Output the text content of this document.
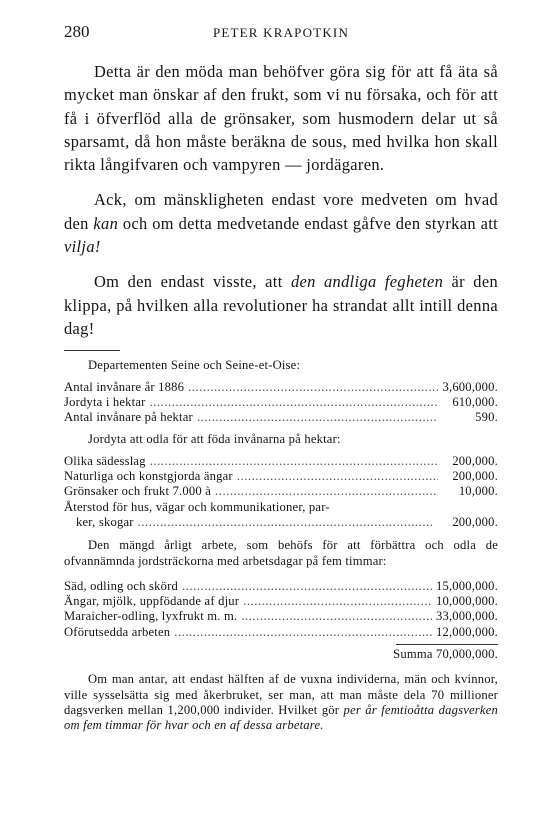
280	PETER KRAPOTKIN

Detta är den möda man behöfver göra sig för att få äta så mycket man önskar af den frukt, som vi nu försaka, och för att få i öfverflöd alla de grönsaker, som husmodern delar ut så sparsamt, då hon måste beräkna de sous, med hvilka hon skall rikta långifvaren och vampyren — jordägaren.

Ack, om mänskligheten endast vore medveten om hvad den kan och om detta medvetande endast gåfve den styrkan att vilja!

Om den endast visste, att den andliga fegheten är den klippa, på hvilken alla revolutioner ha strandat allt intill denna dag!

Departementen Seine och Seine-et-Oise:
Antal invånare år 1886 . . .	3,600,000.
Jordyta i hektar . . .	610,000.
Antal invånare på hektar . . .	590.
Jordyta att odla för att föda invånarna på hektar:
Olika sädesslag . . .	200,000.
Naturliga och konstgjorda ängar . . .	200,000.
Grönsaker och frukt 7.000 à . . .	10,000.
Återstod för hus, vägar och kommunikationer, par-
ker, skogar . . .	200,000.
Den mängd årligt arbete, som behöfs för att förbättra och odla de ofvannämnda jordsträckorna med arbetsdagar på fem timmar:
Säd, odling och skörd . . .	15,000,000.
Ängar, mjölk, uppfödande af djur . . .	10,000,000.
Maraicher-odling, lyxfrukt m. m. . . .	33,000,000.
Oförutsedda arbeten . . .	12,000,000.
Summa 70,000,000.
Om man antar, att endast hälften af de vuxna individerna, män och kvinnor, ville sysselsätta sig med åkerbruket, ser man, att man måste dela 70 millioner dagsverken mellan 1,200,000 individer. Hvilket gör per år femtioåtta dagsverken om fem timmar för hvar och en af dessa arbetare.
